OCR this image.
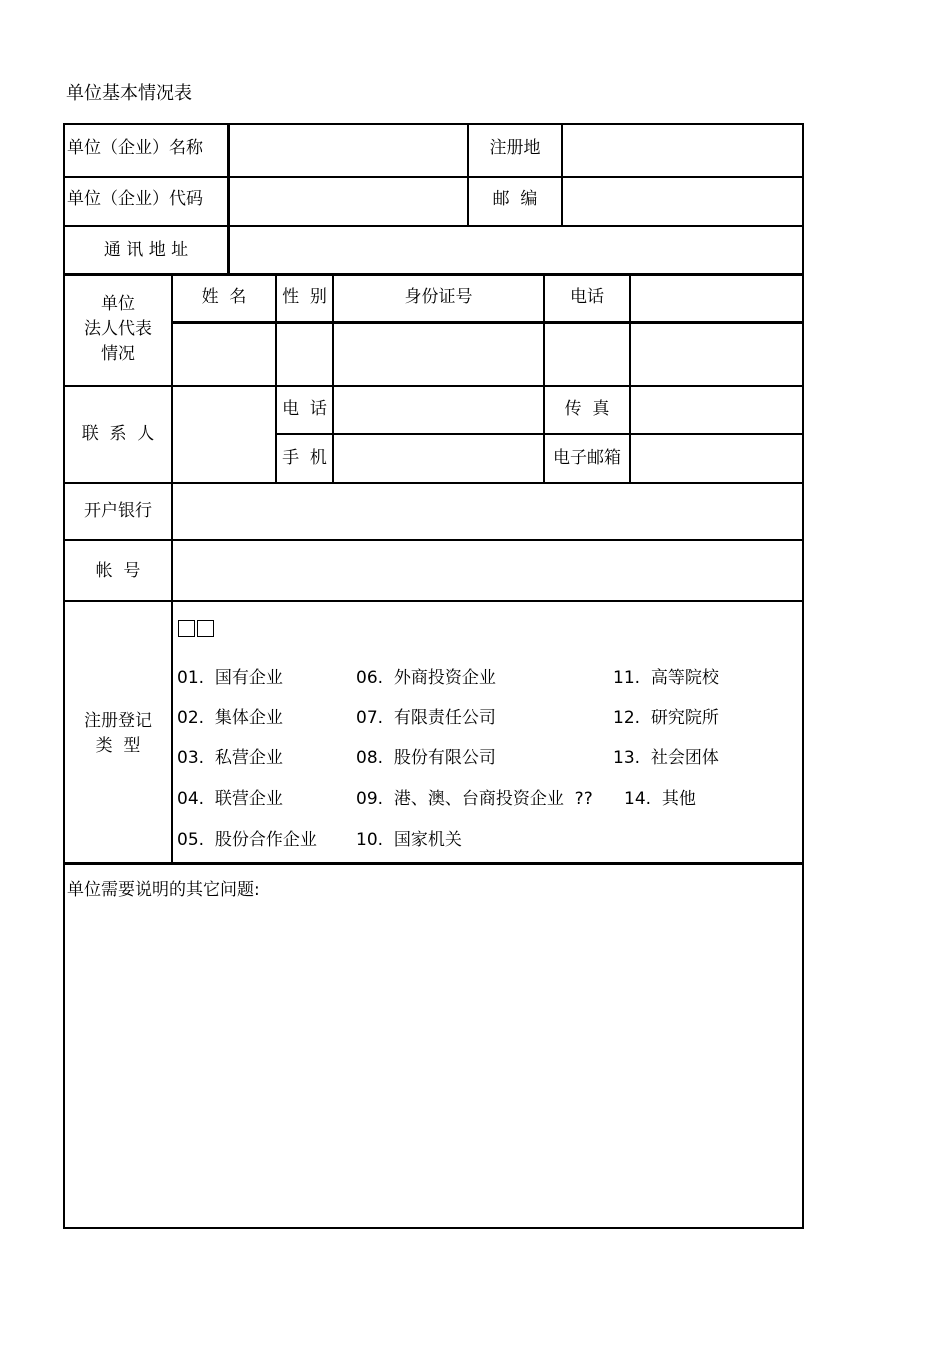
单位基本情况表
单位（企业）名称	注册地
单位（企业）代码	邮  编
通 讯 地 址
单位
法人代表
情况
姓  名	性  别	身份证号	电话
联  系  人
电  话	传  真
手  机	电子邮箱
开户银行
帐  号
注册登记
类  型
01. 国有企业	06. 外商投资企业	11. 高等院校
02. 集体企业	07. 有限责任公司	12. 研究院所
03. 私营企业	08. 股份有限公司	13. 社会团体
04. 联营企业	09. 港、澳、台商投资企业  ?? 14. 其他
05. 股份合作企业 10. 国家机关
单位需要说明的其它问题:
